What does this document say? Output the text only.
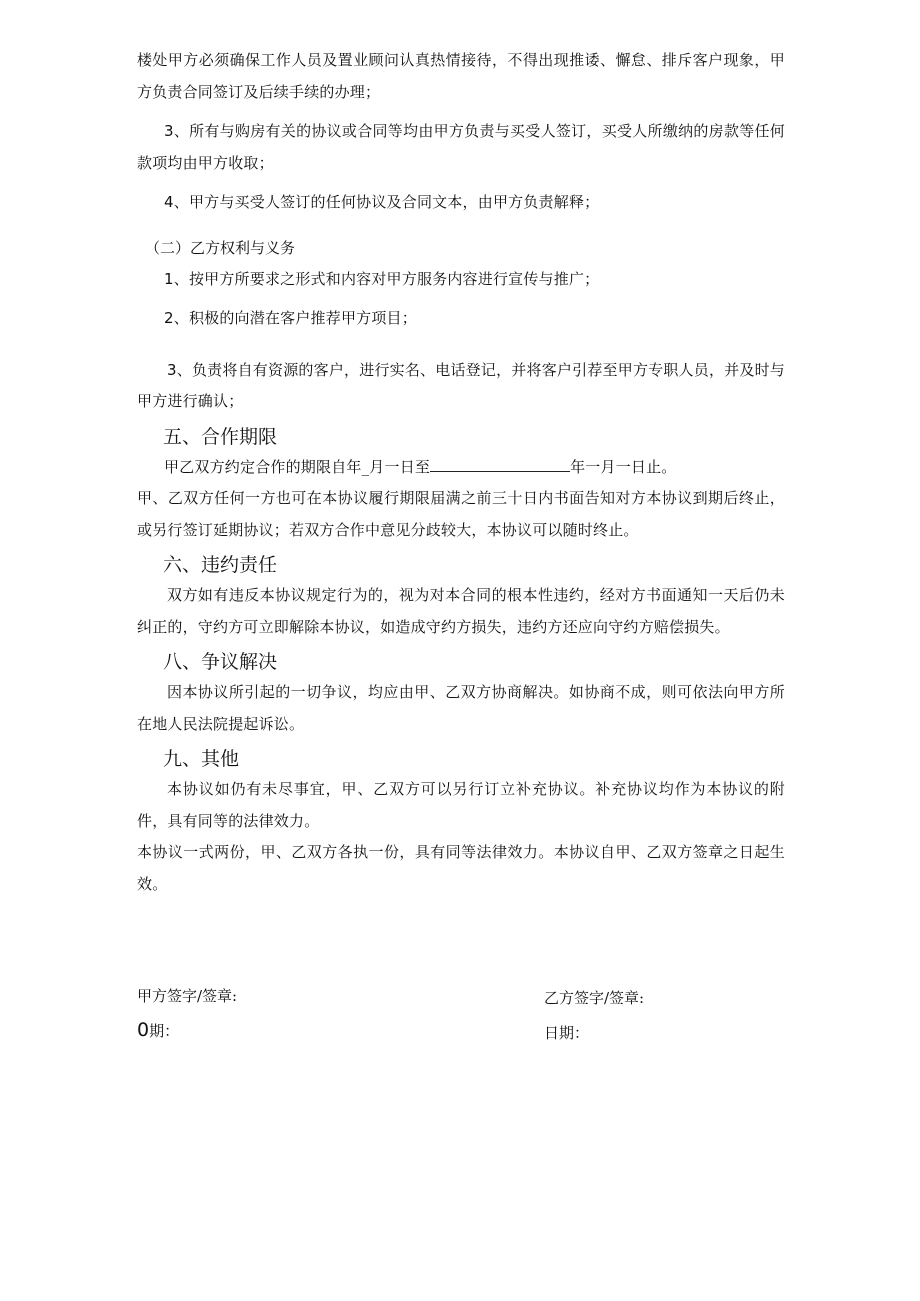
楼处甲方必须确保工作人员及置业顾问认真热情接待，不得出现推诿、懈怠、排斥客户现象，甲方负责合同签订及后续手续的办理；

3、所有与购房有关的协议或合同等均由甲方负责与买受人签订，买受人所缴纳的房款等任何款项均由甲方收取；

4、甲方与买受人签订的任何协议及合同文本，由甲方负责解释；

（二）乙方权利与义务

1、按甲方所要求之形式和内容对甲方服务内容进行宣传与推广；

2、积极的向潜在客户推荐甲方项目；

3、负责将自有资源的客户，进行实名、电话登记，并将客户引荐至甲方专职人员，并及时与甲方进行确认；

五、合作期限

甲乙双方约定合作的期限自年_月一日至	年一月一日止。

甲、乙双方任何一方也可在本协议履行期限届满之前三十日内书面告知对方本协议到期后终止，或另行签订延期协议；若双方合作中意见分歧较大，本协议可以随时终止。

六、违约责任

双方如有违反本协议规定行为的，视为对本合同的根本性违约，经对方书面通知一天后仍未纠正的，守约方可立即解除本协议，如造成守约方损失，违约方还应向守约方赔偿损失。

八、争议解决

因本协议所引起的一切争议，均应由甲、乙双方协商解决。如协商不成，则可依法向甲方所在地人民法院提起诉讼。

九、其他

本协议如仍有未尽事宜，甲、乙双方可以另行订立补充协议。补充协议均作为本协议的附件，具有同等的法律效力。

本协议一式两份，甲、乙双方各执一份，具有同等法律效力。本协议自甲、乙双方签章之日起生效。

甲方签字/签章:
0期：
乙方签字/签章:
日期：
